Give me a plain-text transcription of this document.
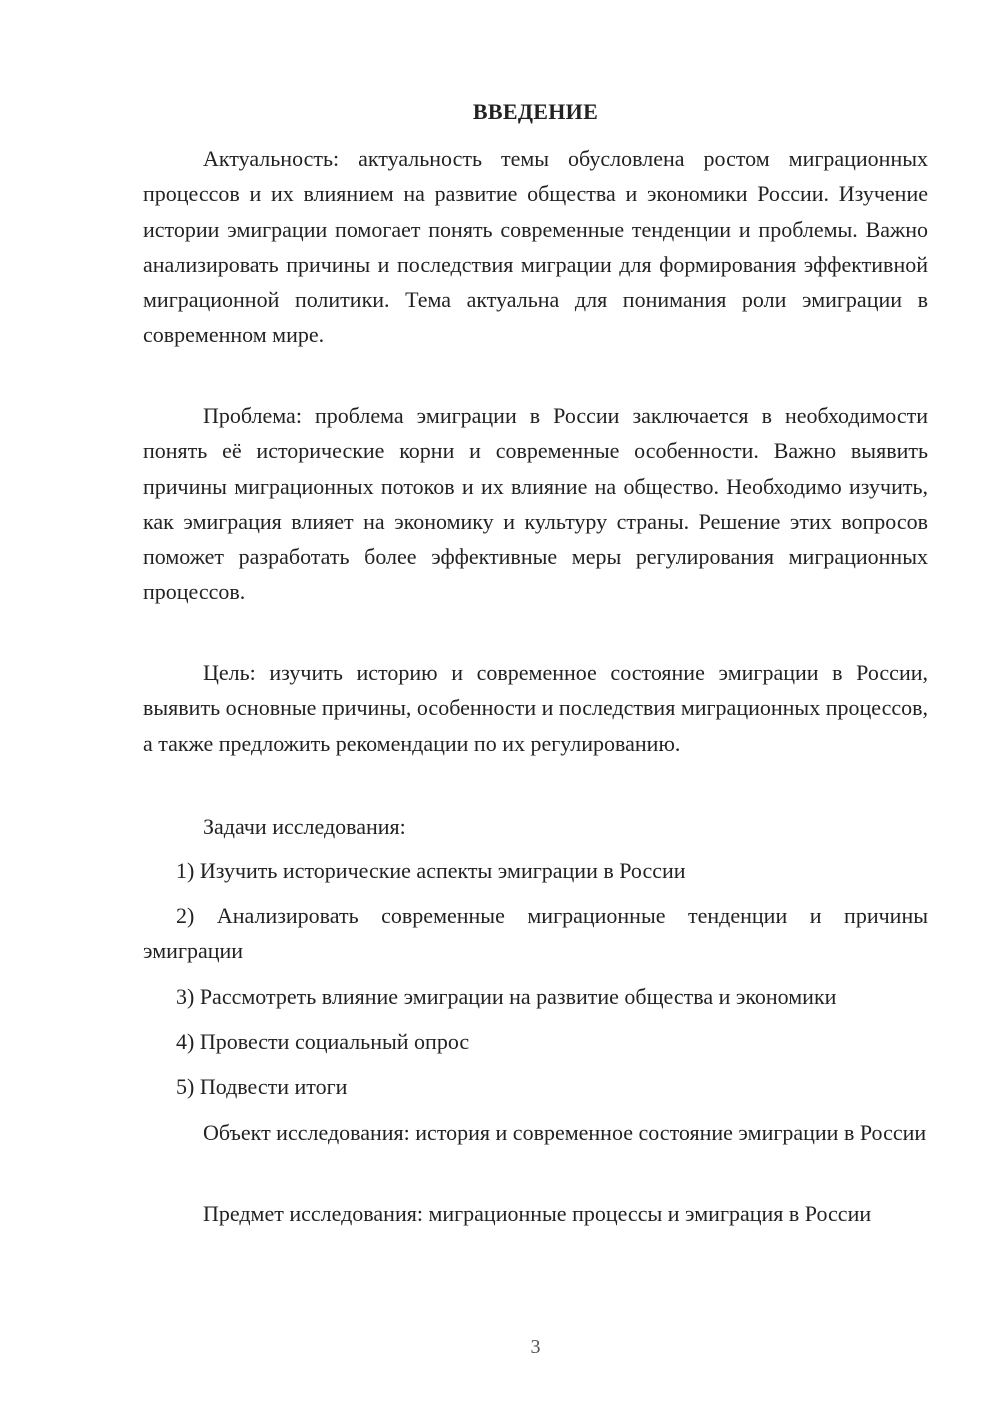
ВВЕДЕНИЕ

Актуальность: актуальность темы обусловлена ростом миграционных процессов и их влиянием на развитие общества и экономики России. Изучение истории эмиграции помогает понять современные тенденции и проблемы. Важно анализировать причины и последствия миграции для формирования эффективной миграционной политики. Тема актуальна для понимания роли эмиграции в современном мире.

Проблема: проблема эмиграции в России заключается в необходимости понять её исторические корни и современные особенности. Важно выявить причины миграционных потоков и их влияние на общество. Необходимо изучить, как эмиграция влияет на экономику и культуру страны. Решение этих вопросов поможет разработать более эффективные меры регулирования миграционных процессов.

Цель: изучить историю и современное состояние эмиграции в России, выявить основные причины, особенности и последствия миграционных процессов, а также предложить рекомендации по их регулированию.

Задачи исследования:

1) Изучить исторические аспекты эмиграции в России

2) Анализировать современные миграционные тенденции и причины эмиграции

3) Рассмотреть влияние эмиграции на развитие общества и экономики

4) Провести социальный опрос

5) Подвести итоги

Объект исследования: история и современное состояние эмиграции в России

Предмет исследования: миграционные процессы и эмиграция в России

3
